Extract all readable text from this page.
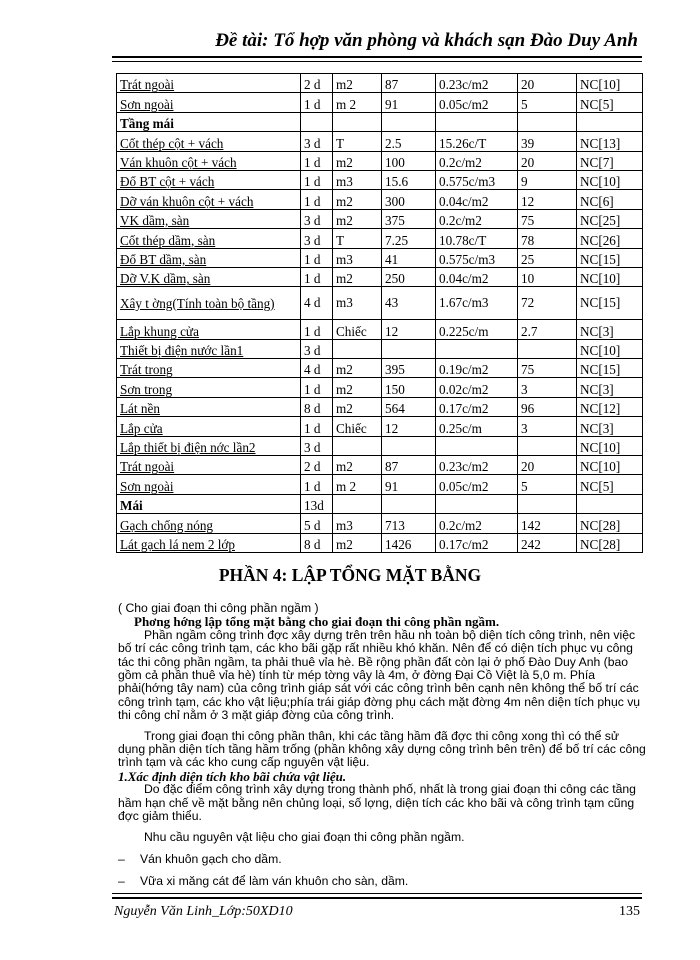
Đề tài: Tổ hợp văn phòng và khách sạn Đào Duy Anh
Trát ngoài	2 d	m2	87	0.23c/m2	20	NC[10]
Sơn ngoài	1 d	m 2	91	0.05c/m2	5	NC[5]
Tầng mái						
Cốt thép cột + vách	3 d	T	2.5	15.26c/T	39	NC[13]
Ván khuôn cột + vách	1 d	m2	100	0.2c/m2	20	NC[7]
Đổ BT cột + vách	1 d	m3	15.6	0.575c/m3	9	NC[10]
Dỡ ván khuôn cột + vách	1 d	m2	300	0.04c/m2	12	NC[6]
VK dầm, sàn	3 d	m2	375	0.2c/m2	75	NC[25]
Cốt thép dầm, sàn	3 d	T	7.25	10.78c/T	78	NC[26]
Đổ BT dầm, sàn	1 d	m3	41	0.575c/m3	25	NC[15]
Dỡ V.K dầm, sàn	1 d	m2	250	0.04c/m2	10	NC[10]
Xây t ờng(Tính toàn bộ tầng)	4 d	m3	43	1.67c/m3	72	NC[15]
Lắp khung cửa	1 d	Chiếc	12	0.225c/m	2.7	NC[3]
Thiết bị điện nước lần1	3 d					NC[10]
Trát trong	4 d	m2	395	0.19c/m2	75	NC[15]
Sơn trong	1 d	m2	150	0.02c/m2	3	NC[3]
Lát nền	8 d	m2	564	0.17c/m2	96	NC[12]
Lắp cửa	1 d	Chiếc	12	0.25c/m	3	NC[3]
Lắp thiết bị điện nớc lần2	3 d					NC[10]
Trát ngoài	2 d	m2	87	0.23c/m2	20	NC[10]
Sơn ngoài	1 d	m 2	91	0.05c/m2	5	NC[5]
Mái	13d					
Gạch chống nóng	5 d	m3	713	0.2c/m2	142	NC[28]
Lát gạch lá nem 2 lớp	8 d	m2	1426	0.17c/m2	242	NC[28]
PHẦN 4: LẬP TỔNG MẶT BẰNG

( Cho giai đoạn thi công phần ngầm )

Phơng hớng lập tổng mặt bằng cho giai đoạn thi công phần ngầm.

Phần ngầm công trình đợc xây dựng trên trên hầu nh toàn bộ diện tích công trình, nên việc bố trí các công trình tạm, các kho bãi gặp rất nhiều khó khăn. Nên để có diện tích phục vụ công tác thi công phần ngầm, ta phải thuê vỉa hè. Bề rộng phần đất còn lại ở phố Đào Duy Anh (bao gồm cả phần thuê vỉa hè) tính từ mép tờng vây là 4m, ở đờng Đại Cồ Việt là 5,0 m. Phía phải(hớng tây nam) của công trình giáp sát với các công trình bên cạnh nên không thể bố trí các công trình tạm, các kho vật liệu;phía trái giáp đờng phụ cách mặt đờng 4m nên diện tích phục vụ thi công chỉ nằm ở 3 mặt giáp đờng của công trình.

Trong giai đoạn thi công phần thân, khi các tầng hầm đã đợc thi công xong thì có thể sử dụng phần diện tích tầng hầm trống (phần không xây dựng công trình bên trên) để bố trí các công trình tạm và các kho cung cấp nguyên vật liệu.

1.Xác định diện tích kho bãi chứa vật liệu.

Do đặc điểm công trình xây dựng trong thành phố, nhất là trong giai đoạn thi công các tầng hầm hạn chế về mặt bằng nên chủng loại, số lợng, diện tích các kho bãi và công trình tạm cũng đợc giảm thiểu.

Nhu cầu nguyên vật liệu cho giai đoạn thi công phần ngầm.

– Ván khuôn gạch cho dầm.

– Vữa xi măng cát để làm ván khuôn cho sàn, dầm.

Nguyễn Văn Linh_Lớp:50XD10	135
